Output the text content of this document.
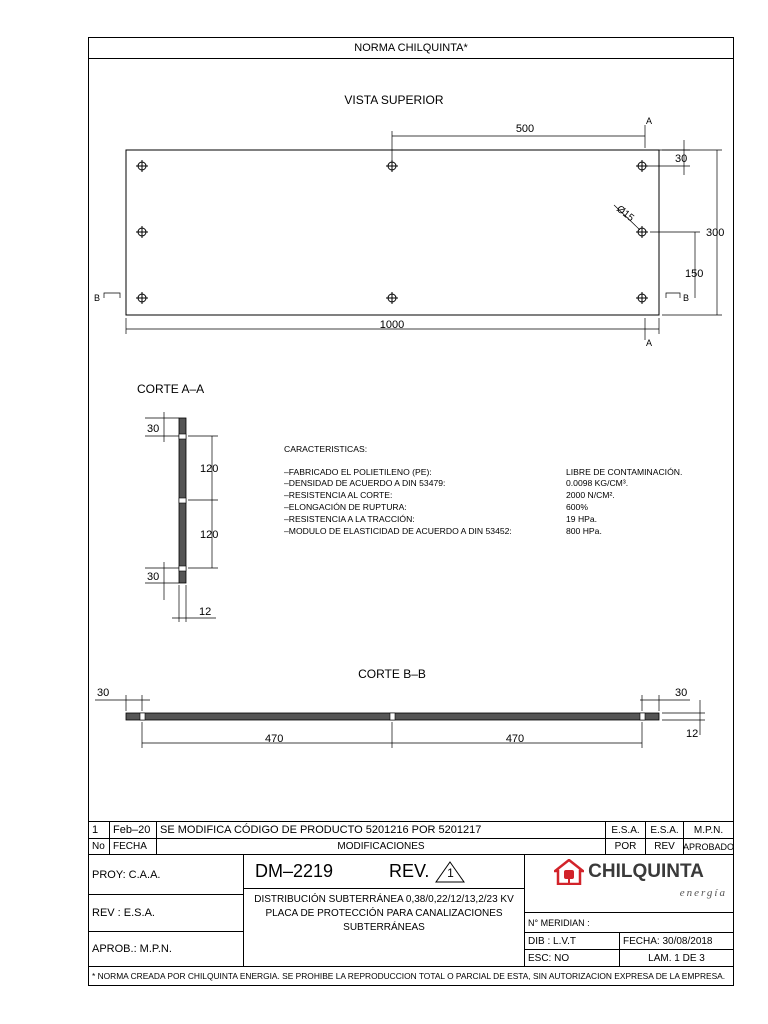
NORMA CHILQUINTA*
VISTA SUPERIOR
500
A
A
30
300
150
1000
Ø15
B	B
CORTE A–A
30
120
120
30
12
CARACTERISTICAS:
–FABRICADO EL POLIETILENO (PE):	LIBRE DE CONTAMINACIÓN.
–DENSIDAD DE ACUERDO A DIN 53479:	0.0098 KG/CM³.
–RESISTENCIA AL CORTE:	2000 N/CM².
–ELONGACIÓN DE RUPTURA:	600%
–RESISTENCIA A LA TRACCIÓN:	19 HPa.
–MODULO DE ELASTICIDAD DE ACUERDO A DIN 53452:	800 HPa.
CORTE B–B
30	30
470	470	12
1	Feb–20 SE MODIFICA CÓDIGO DE PRODUCTO 5201216 POR 5201217	E.S.A.	E.S.A.	M.P.N.
No FECHA	MODIFICACIONES	POR	REV APROBADO
PROY: C.A.A.
REV : E.S.A.
APROB.: M.P.N.
DM–2219	REV.	1
DISTRIBUCIÓN SUBTERRÁNEA 0,38/0,22/12/13,2/23 KV
PLACA DE PROTECCIÓN PARA CANALIZACIONES
SUBTERRÁNEAS
CHILQUINTA
energía
N° MERIDIAN :
DIB : L.V.T	FECHA: 30/08/2018
ESC: NO	LAM. 1 DE 3
* NORMA CREADA POR CHILQUINTA ENERGIA. SE PROHIBE LA REPRODUCCION TOTAL O PARCIAL DE ESTA, SIN AUTORIZACION EXPRESA DE LA EMPRESA.
